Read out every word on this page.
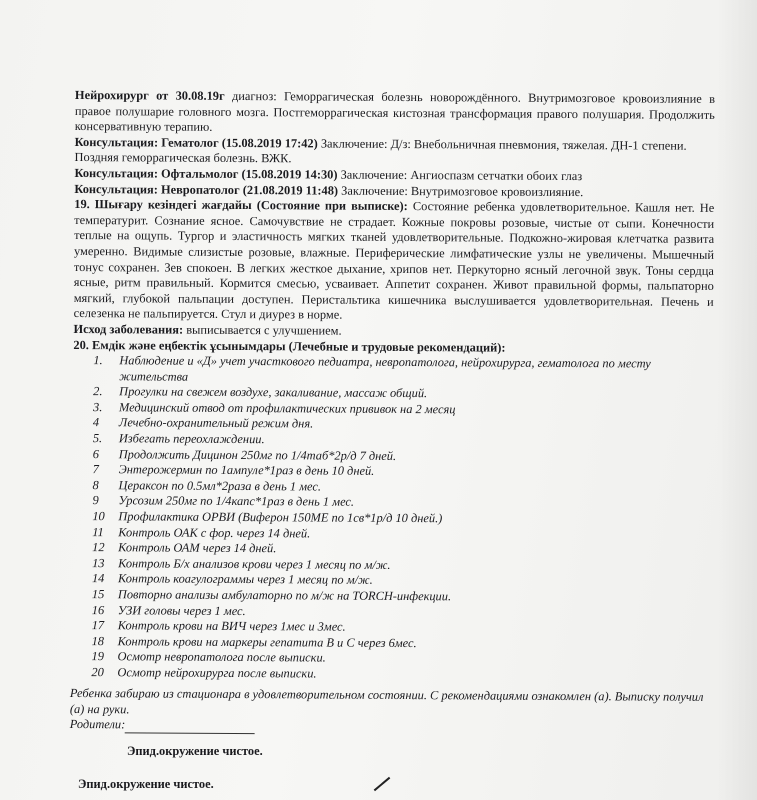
Нейрохирург от 30.08.19г диагноз: Геморрагическая болезнь новорождённого. Внутримозговое кровоизлияние в правое полушарие головного мозга. Постгеморрагическая кистозная трансформация правого полушария. Продолжить консервативную терапию.

Консультация: Гематолог (15.08.2019 17:42) Заключение: Д/з: Внебольничная пневмония, тяжелая. ДН-1 степени. Поздняя геморрагическая болезнь. ВЖК.

Консультация: Офтальмолог (15.08.2019 14:30) Заключение: Ангиоспазм сетчатки обоих глаз

Консультация: Невропатолог (21.08.2019 11:48) Заключение: Внутримозговое кровоизлияние.

19. Шығару кезіндегі жағдайы (Состояние при выписке): Состояние ребенка удовлетворительное. Кашля нет. Не температурит. Сознание ясное. Самочувствие не страдает. Кожные покровы розовые, чистые от сыпи. Конечности теплые на ощупь. Тургор и эластичность мягких тканей удовлетворительные. Подкожно-жировая клетчатка развита умеренно. Видимые слизистые розовые, влажные. Периферические лимфатические узлы не увеличены. Мышечный тонус сохранен. Зев спокоен. В легких жесткое дыхание, хрипов нет. Перкуторно ясный легочной звук. Тоны сердца ясные, ритм правильный. Кормится смесью, усваивает. Аппетит сохранен. Живот правильной формы, пальпаторно мягкий, глубокой пальпации доступен. Перистальтика кишечника выслушивается удовлетворительная. Печень и селезенка не пальпируется. Стул и диурез в норме.

Исход заболевания: выписывается с улучшением.

20. Емдік және еңбектік ұсынымдары (Лечебные и трудовые рекомендаций):

1.	Наблюдение и «Д» учет участкового педиатра, невропатолога, нейрохирурга, гематолога по месту жительства
2.	Прогулки на свежем воздухе, закаливание, массаж общий.
3.	Медицинский отвод от профилактических прививок на 2 месяц
4	Лечебно-охранительный режим дня.
5.	Избегать переохлаждении.
6	Продолжить Дицинон 250мг по 1/4таб*2р/д 7 дней.
7	Энтерожермин по 1ампуле*1раз в день 10 дней.
8	Цераксон по 0.5мл*2раза в день 1 мес.
9	Урсозим 250мг по 1/4капс*1раз в день 1 мес.
10	Профилактика ОРВИ (Виферон 150МЕ по 1св*1р/д 10 дней.)
11	Контроль ОАК с фор. через 14 дней.
12	Контроль ОАМ через 14 дней.
13	Контроль Б/х анализов крови через 1 месяц по м/ж.
14	Контроль коагулограммы через 1 месяц по м/ж.
15	Повторно анализы амбулаторно по м/ж на TORCH-инфекции.
16	УЗИ головы через 1 мес.
17	Контроль крови на ВИЧ через 1мес и 3мес.
18	Контроль крови на маркеры гепатита В и С через 6мес.
19	Осмотр невропатолога после выписки.
20	Осмотр нейрохирурга после выписки.

Ребенка забираю из стационара в удовлетворительном состоянии. С рекомендациями ознакомлен (а). Выписку получил (а) на руки.

Родители:

Эпид.окружение чистое.
Эпид.окружение чистое.
